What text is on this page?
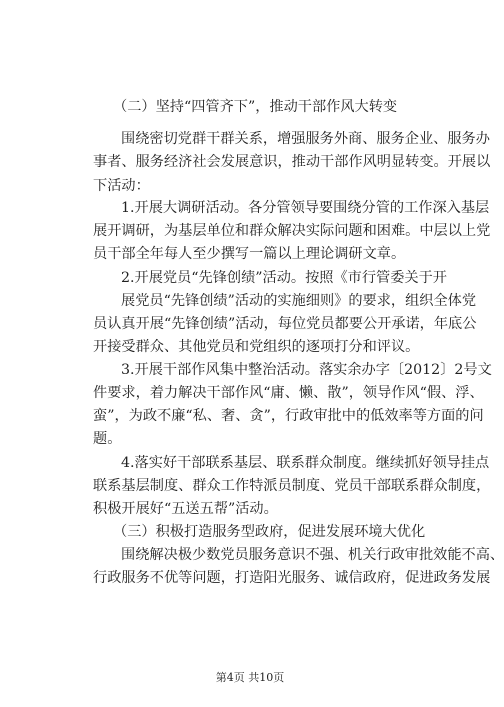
（二）坚持“四管齐下”，推动干部作风大转变
围绕密切党群干群关系，增强服务外商、服务企业、服务办
事者、服务经济社会发展意识，推动干部作风明显转变。开展以
下活动：
1.开展大调研活动。各分管领导要围绕分管的工作深入基层
展开调研，为基层单位和群众解决实际问题和困难。中层以上党
员干部全年每人至少撰写一篇以上理论调研文章。
2.开展党员“先锋创绩”活动。按照《市行管委关于开
展党员“先锋创绩”活动的实施细则》的要求，组织全体党
员认真开展“先锋创绩”活动，每位党员都要公开承诺，年底公
开接受群众、其他党员和党组织的逐项打分和评议。
3.开展干部作风集中整治活动。落实余办字〔2012〕2号文
件要求，着力解决干部作风“庸、懒、散”，领导作风“假、浮、
蛮”，为政不廉“私、奢、贪”，行政审批中的低效率等方面的问
题。
4.落实好干部联系基层、联系群众制度。继续抓好领导挂点
联系基层制度、群众工作特派员制度、党员干部联系群众制度，
积极开展好“五送五帮”活动。
（三）积极打造服务型政府，促进发展环境大优化
围绕解决极少数党员服务意识不强、机关行政审批效能不高、
行政服务不优等问题，打造阳光服务、诚信政府，促进政务发展
第4页 共10页
